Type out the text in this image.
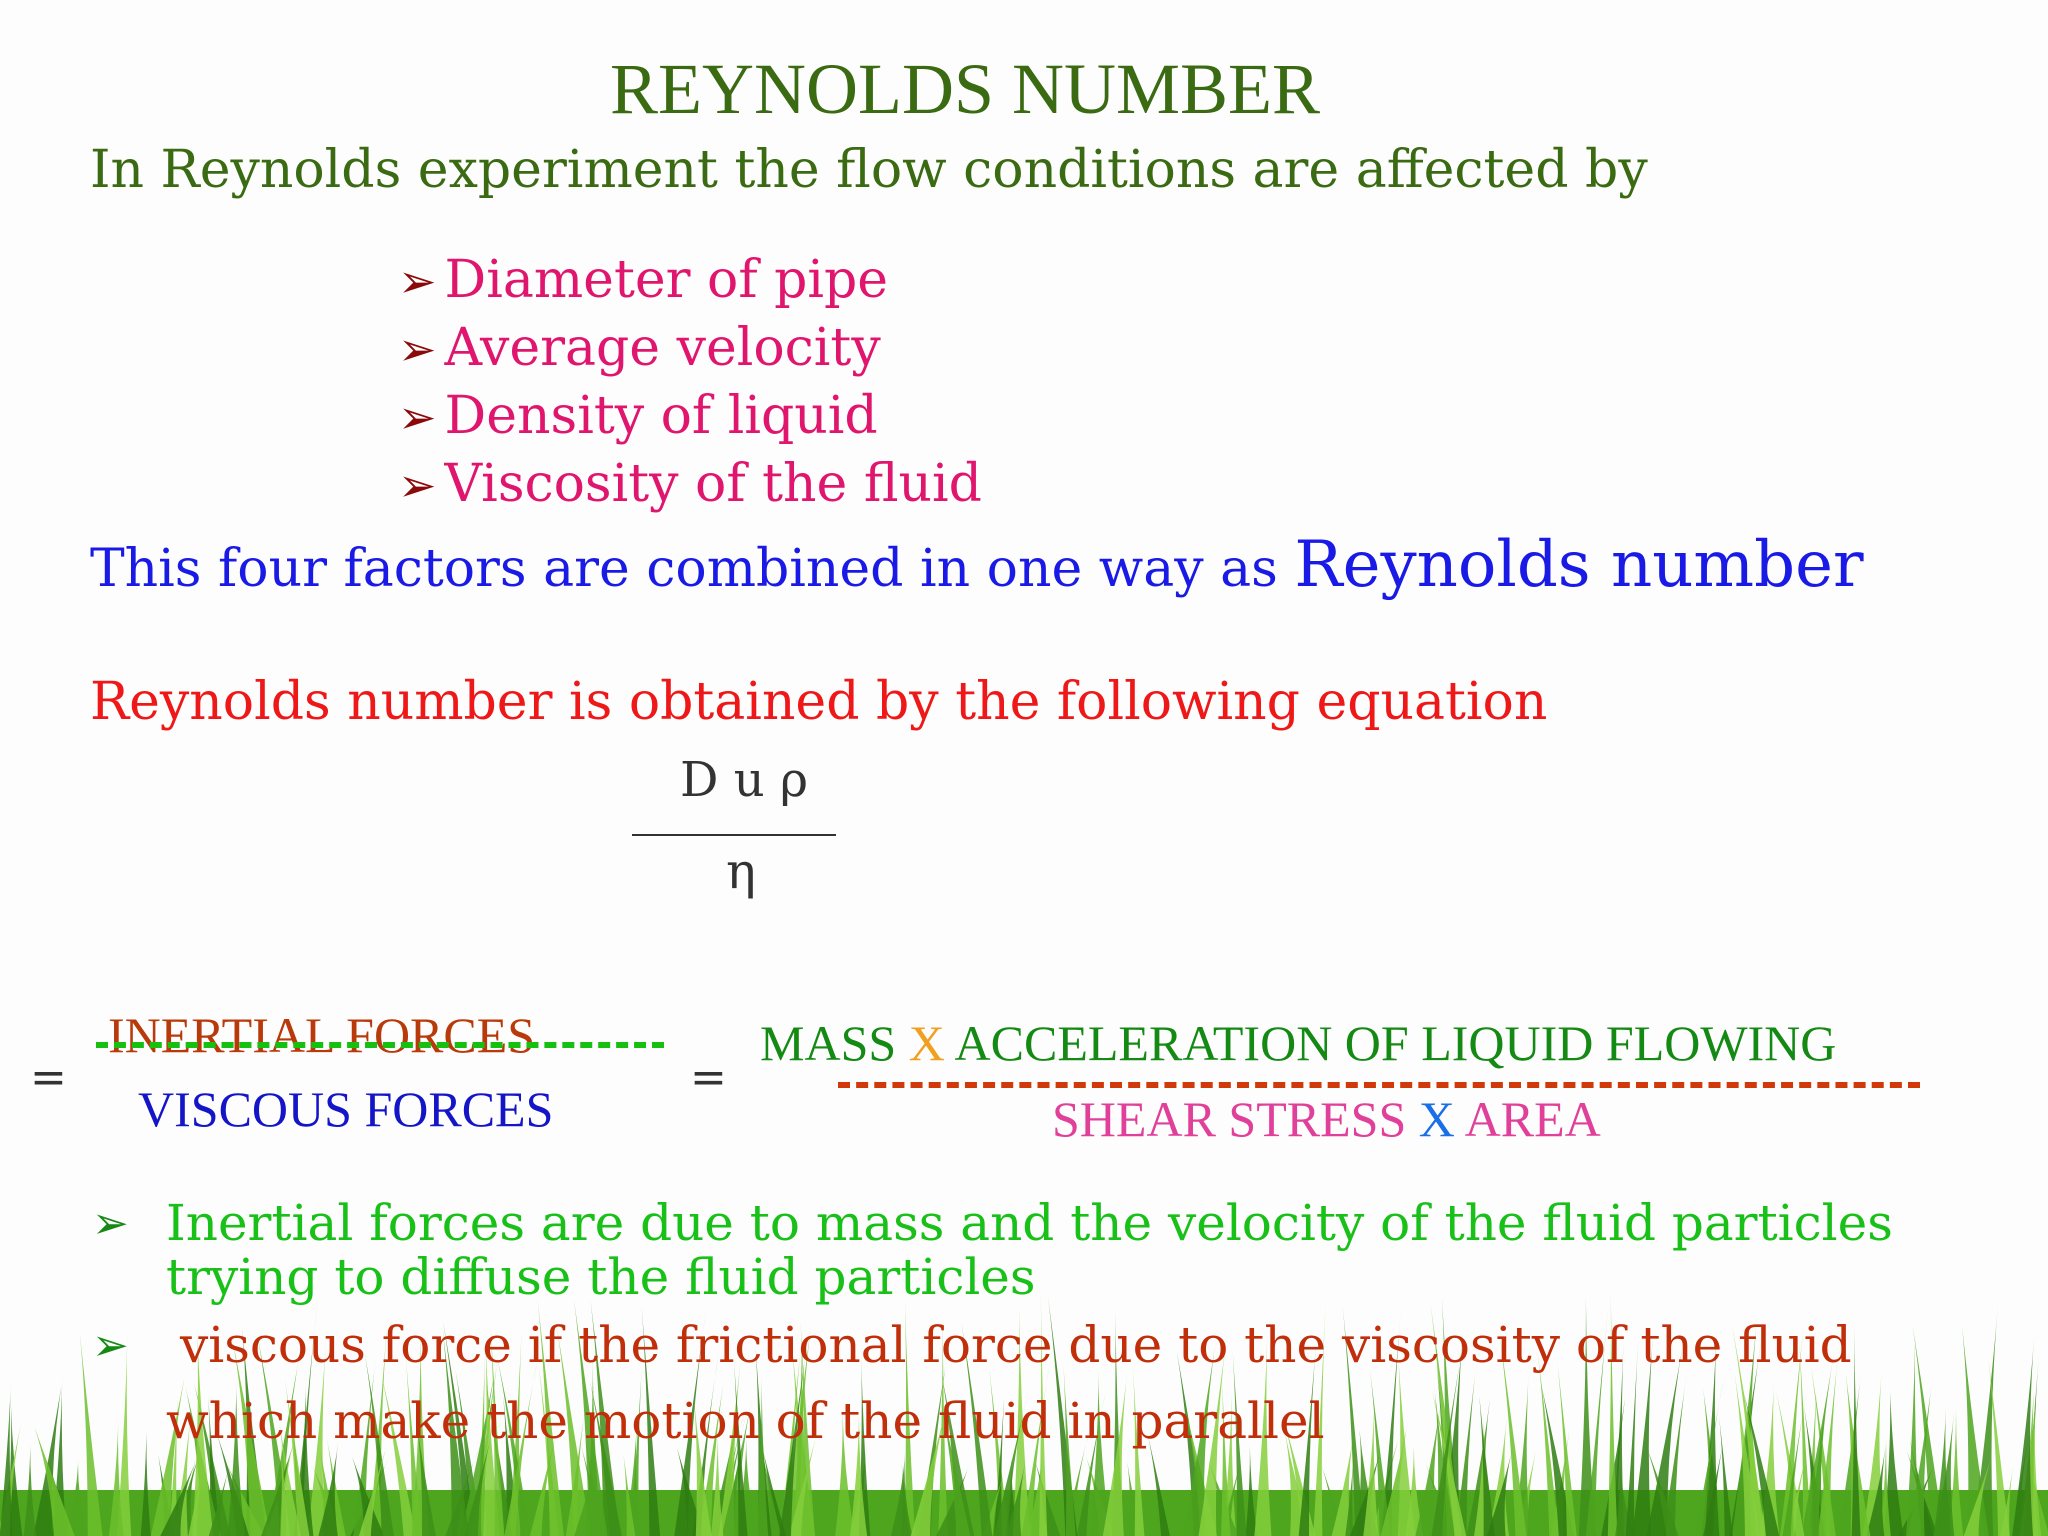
REYNOLDS NUMBER
In Reynolds experiment the flow conditions are affected by
➢ Diameter of pipe
➢ Average velocity
➢ Density of liquid
➢ Viscosity of the fluid
This four factors are combined in one way as Reynolds number
Reynolds number is obtained by the following equation
D u ρ
η
=
INERTIAL FORCES
VISCOUS FORCES
=
MASS X ACCELERATION OF LIQUID FLOWING
SHEAR STRESS X AREA
➢ Inertial forces are due to mass and the velocity of the fluid particles
trying to diffuse the fluid particles
➢ viscous force if the frictional force due to the viscosity of the fluid
which make the motion of the fluid in parallel
